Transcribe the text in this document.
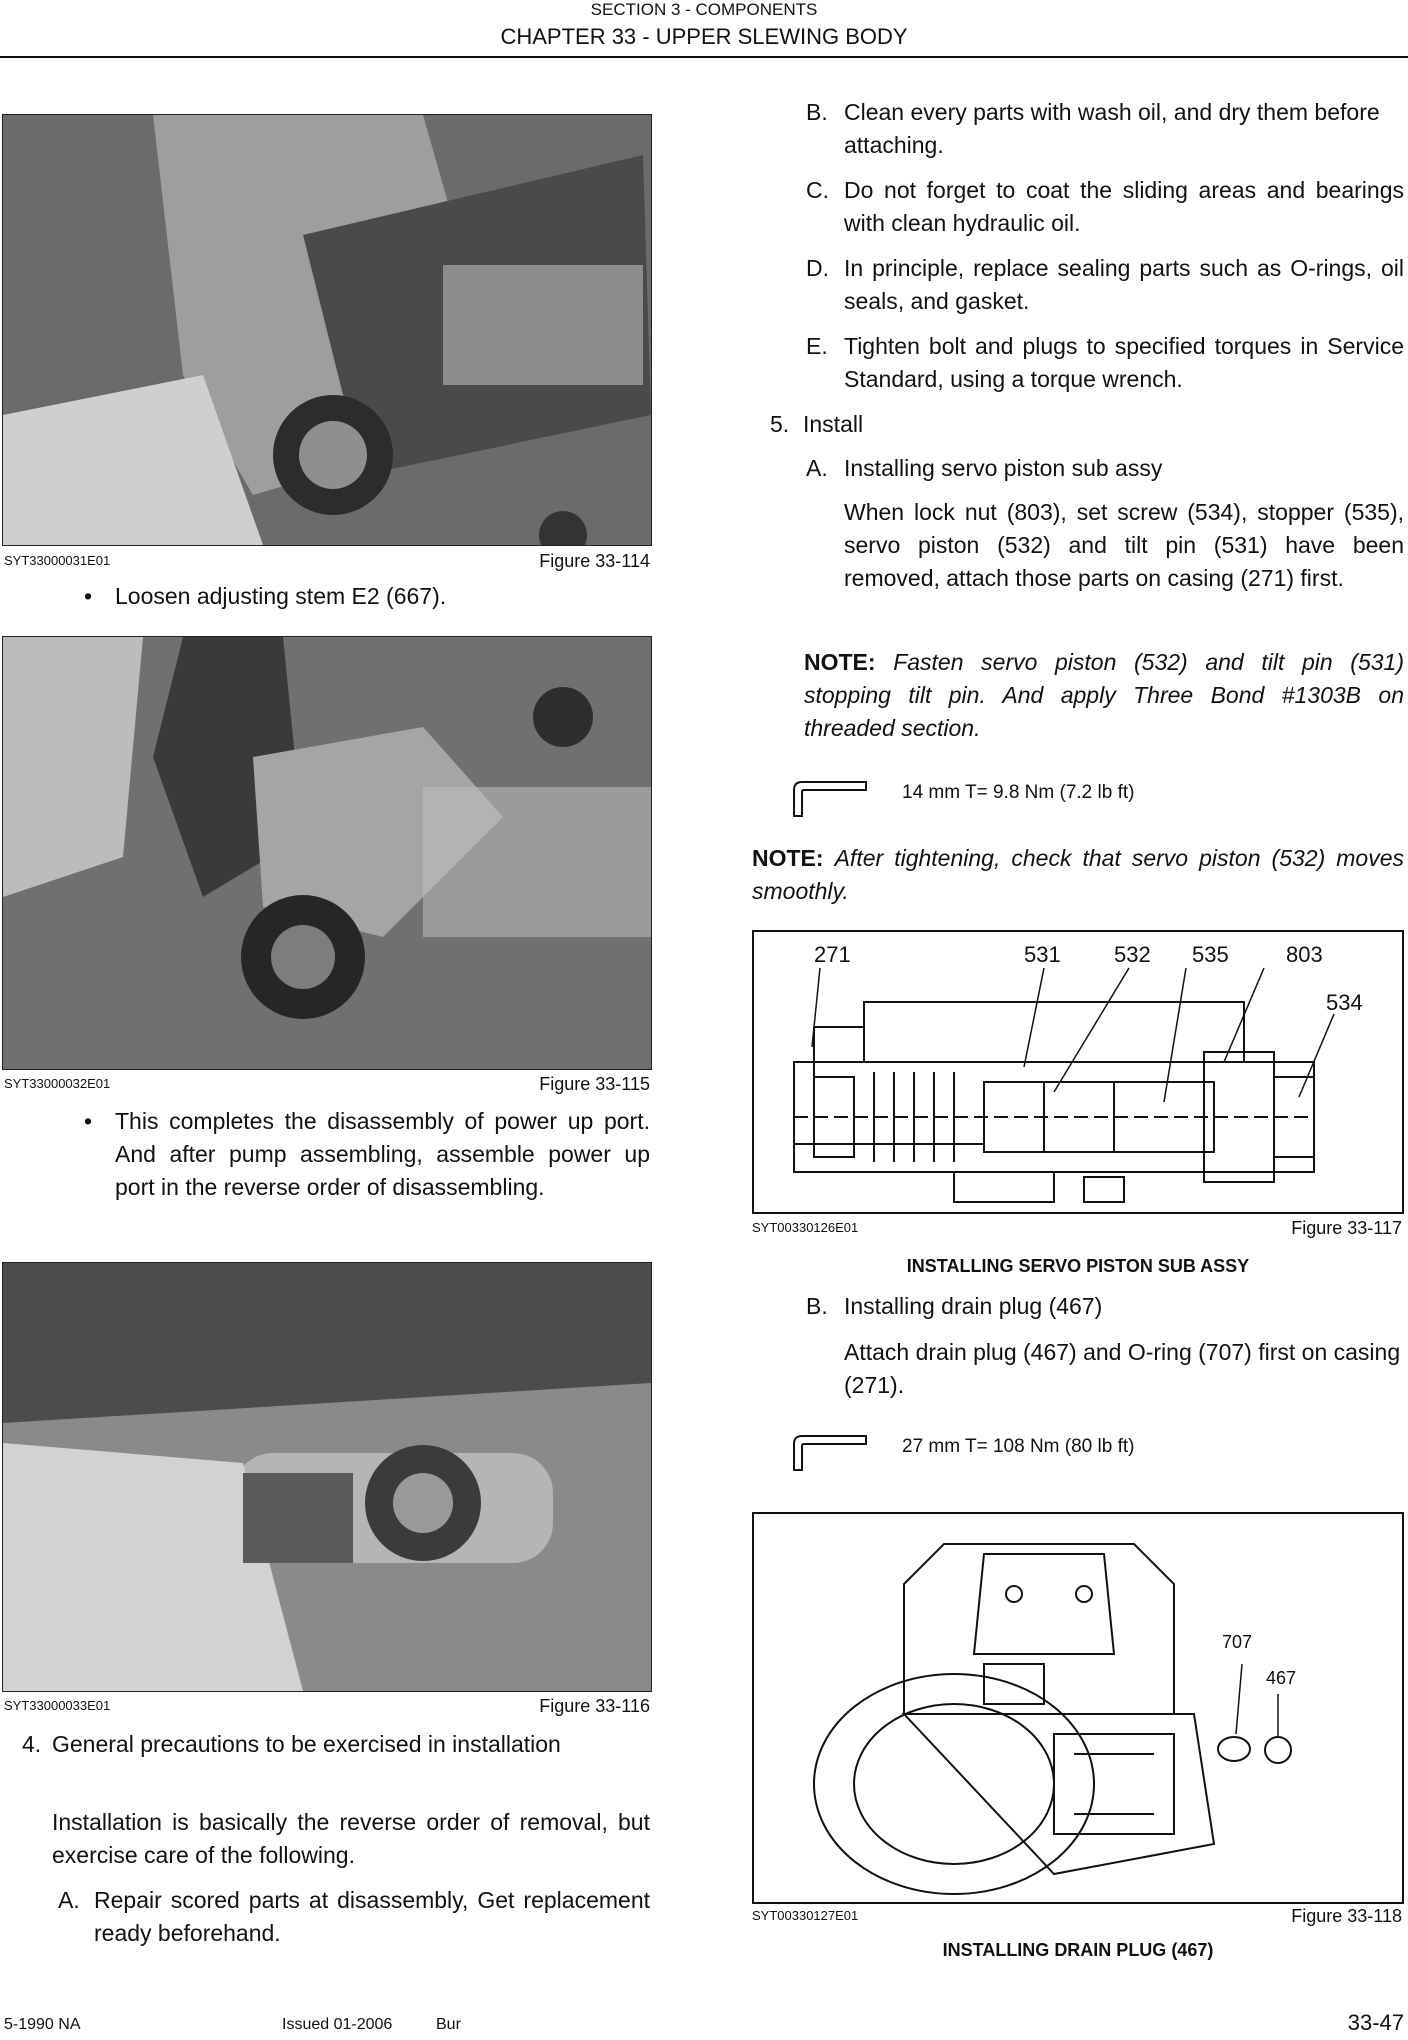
SECTION 3 - COMPONENTS
CHAPTER 33 - UPPER SLEWING BODY
SYT33000031E01	Figure 33-114
• Loosen adjusting stem E2 (667).
SYT33000032E01	Figure 33-115
• This completes the disassembly of power up port. And after pump assembling, assemble power up port in the reverse order of disassembling.
SYT33000033E01	Figure 33-116
4. General precautions to be exercised in installation
Installation is basically the reverse order of removal, but exercise care of the following.
A. Repair scored parts at disassembly, Get replacement ready beforehand.
B. Clean every parts with wash oil, and dry them before attaching.
C. Do not forget to coat the sliding areas and bearings with clean hydraulic oil.
D. In principle, replace sealing parts such as O-rings, oil seals, and gasket.
E. Tighten bolt and plugs to specified torques in Service Standard, using a torque wrench.
5. Install
A. Installing servo piston sub assy
When lock nut (803), set screw (534), stopper (535), servo piston (532) and tilt pin (531) have been removed, attach those parts on casing (271) first.
NOTE: Fasten servo piston (532) and tilt pin (531) stopping tilt pin. And apply Three Bond #1303B on threaded section.
14 mm T= 9.8 Nm (7.2 lb ft)
NOTE: After tightening, check that servo piston (532) moves smoothly.
271	531 532 535	803
534
SYT00330126E01	Figure 33-117
INSTALLING SERVO PISTON SUB ASSY
B. Installing drain plug (467)
Attach drain plug (467) and O-ring (707) first on casing (271).
27 mm T= 108 Nm (80 lb ft)
707
467
SYT00330127E01	Figure 33-118
INSTALLING DRAIN PLUG (467)
5-1990 NA	Issued 01-2006	Bur	33-47
